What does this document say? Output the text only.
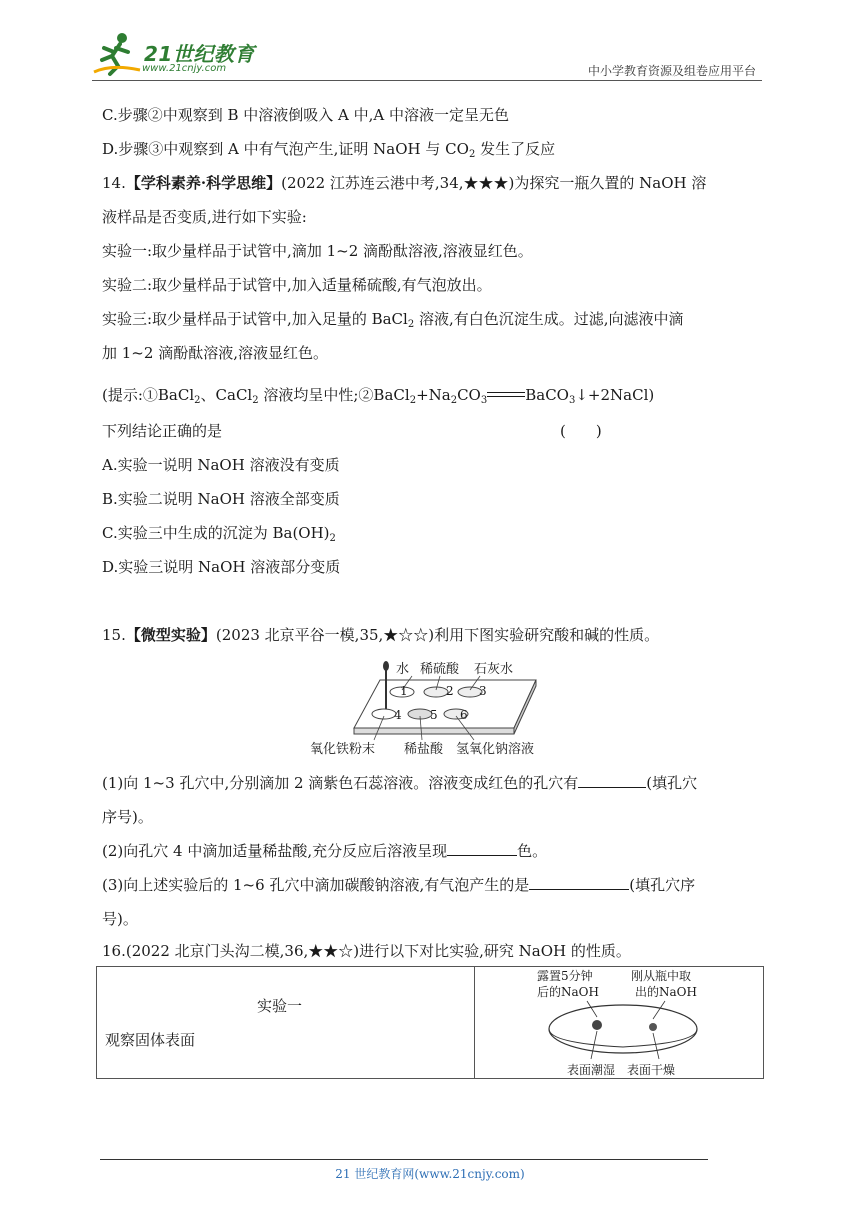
21世纪教育
www.21cnjy.com	中小学教育资源及组卷应用平台
C.步骤②中观察到 B 中溶液倒吸入 A 中,A 中溶液一定呈无色
D.步骤③中观察到 A 中有气泡产生,证明 NaOH 与 $CO_2$ 发生了反应
14.【学科素养·科学思维】(2022 江苏连云港中考,34,★★★)为探究一瓶久置的 NaOH 溶
液样品是否变质,进行如下实验:
实验一:取少量样品于试管中,滴加 1~2 滴酚酞溶液,溶液显红色。
实验二:取少量样品于试管中,加入适量稀硫酸,有气泡放出。
实验三:取少量样品于试管中,加入足量的 BaCl$_2$ 溶液,有白色沉淀生成。过滤,向滤液中滴
加 1~2 滴酚酞溶液,溶液显红色。
(提示:①BaCl$_2$、CaCl$_2$ 溶液均呈中性$;②BaCl_2+Na_2CO_3$	BaCO$_3$↓+2NaCl)
下列结论正确的是	(　　)
A.实验一说明 NaOH 溶液没有变质
B.实验二说明 NaOH 溶液全部变质
C.实验三中生成的沉淀为 $Ba(OH)_2$
D.实验三说明 NaOH 溶液部分变质
15.【微型实验】(2023 北京平谷一模,35,★☆☆)利用下图实验研究酸和碱的性质。
水 稀硫酸 石灰水
1	2 3
4 5 6
氧化铁粉末 稀盐酸 氢氧化钠溶液
(1)向 1~3 孔穴中,分别滴加 2 滴紫色石蕊溶液。溶液变成红色的孔穴有	(填孔穴
序号)。
(2)向孔穴 4 中滴加适量稀盐酸,充分反应后溶液呈现	色。
(3)向上述实验后的 1~6 孔穴中滴加碳酸钠溶液,有气泡产生的是	(填孔穴序
号)。
16.(2022 北京门头沟二模,36,★★☆)进行以下对比实验,研究 NaOH 的性质。
实验一
观察固体表面

露置5分钟
后的NaOH
刚从瓶中取
出的NaOH
表面潮湿 表面干燥
21 世纪教育网(www.21cnjy.com)
